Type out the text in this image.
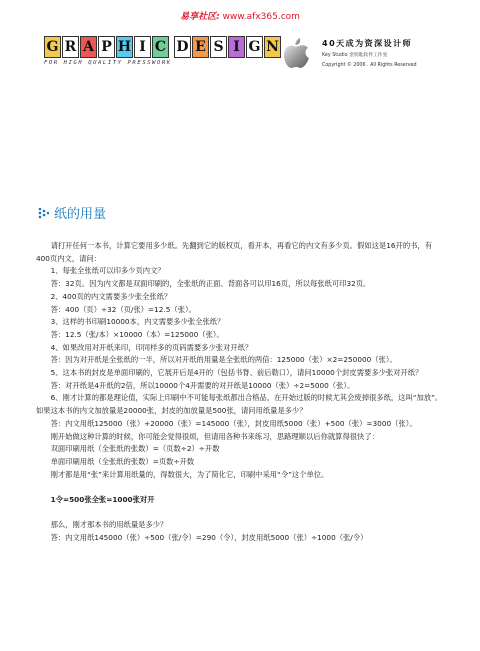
易享社区: www.afx365.com
G R A P H I C D E S I G N
FOR HIGH QUALITY PRESSWORK
40天成为资深设计师
Key Studio 金钥匙软件工作室
Copyright © 2006 . All Rights Reserved
纸的用量

请打开任何一本书，计算它要用多少纸。先翻到它的版权页，看开本，再看它的内文有多少页。假如这是16开的书，有400页内文，请问：

1、每张全张纸可以印多少页内文？

答：32页。因为内文都是双面印刷的，全张纸的正面、背面各可以印16页，所以每张纸可印32页。

2、400页的内文需要多少张全张纸？

答：400（页）÷32（页/张）=12.5（张）。

3、这样的书印刷10000本，内文需要多少张全张纸？

答：12.5（张/本）×10000（本）=125000（张）。

4、如果改用对开纸来印，印同样多的页码需要多少张对开纸？

答：因为对开纸是全张纸的一半，所以对开纸的用量是全张纸的两倍：125000（张）×2=250000（张）。

5、这本书的封皮是单面印刷的，它展开后是4开的（包括书脊、前后勒口），请问10000个封皮需要多少张对开纸？

答：对开纸是4开纸的2倍，所以10000个4开需要的对开纸是10000（张）÷2=5000（张）。

6、刚才计算的都是理论值，实际上印刷中不可能每张纸都出合格品，在开始过版的时候尤其会废掉很多纸，这叫“加放”。如果这本书的内文加放量是20000张，封皮的加放量是500张，请问用纸量是多少？

答：内文用纸125000（张）+20000（张）=145000（张），封皮用纸5000（张）+500（张）=3000（张）。

刚开始做这种计算的时候，你可能会觉得很烦，但请用各种书来练习，思路理顺以后你就算得很快了：

双面印刷用纸（全张纸的张数）=（页数÷2）÷开数

单面印刷用纸（全张纸的张数）=页数÷开数

刚才都是用“张”来计算用纸量的，得数很大，为了简化它，印刷中采用“令”这个单位。

1令=500张全张=1000张对开

那么，刚才那本书的用纸量是多少？

答：内文用纸145000（张）÷500（张/令）=290（令），封皮用纸5000（张）÷1000（张/令）
